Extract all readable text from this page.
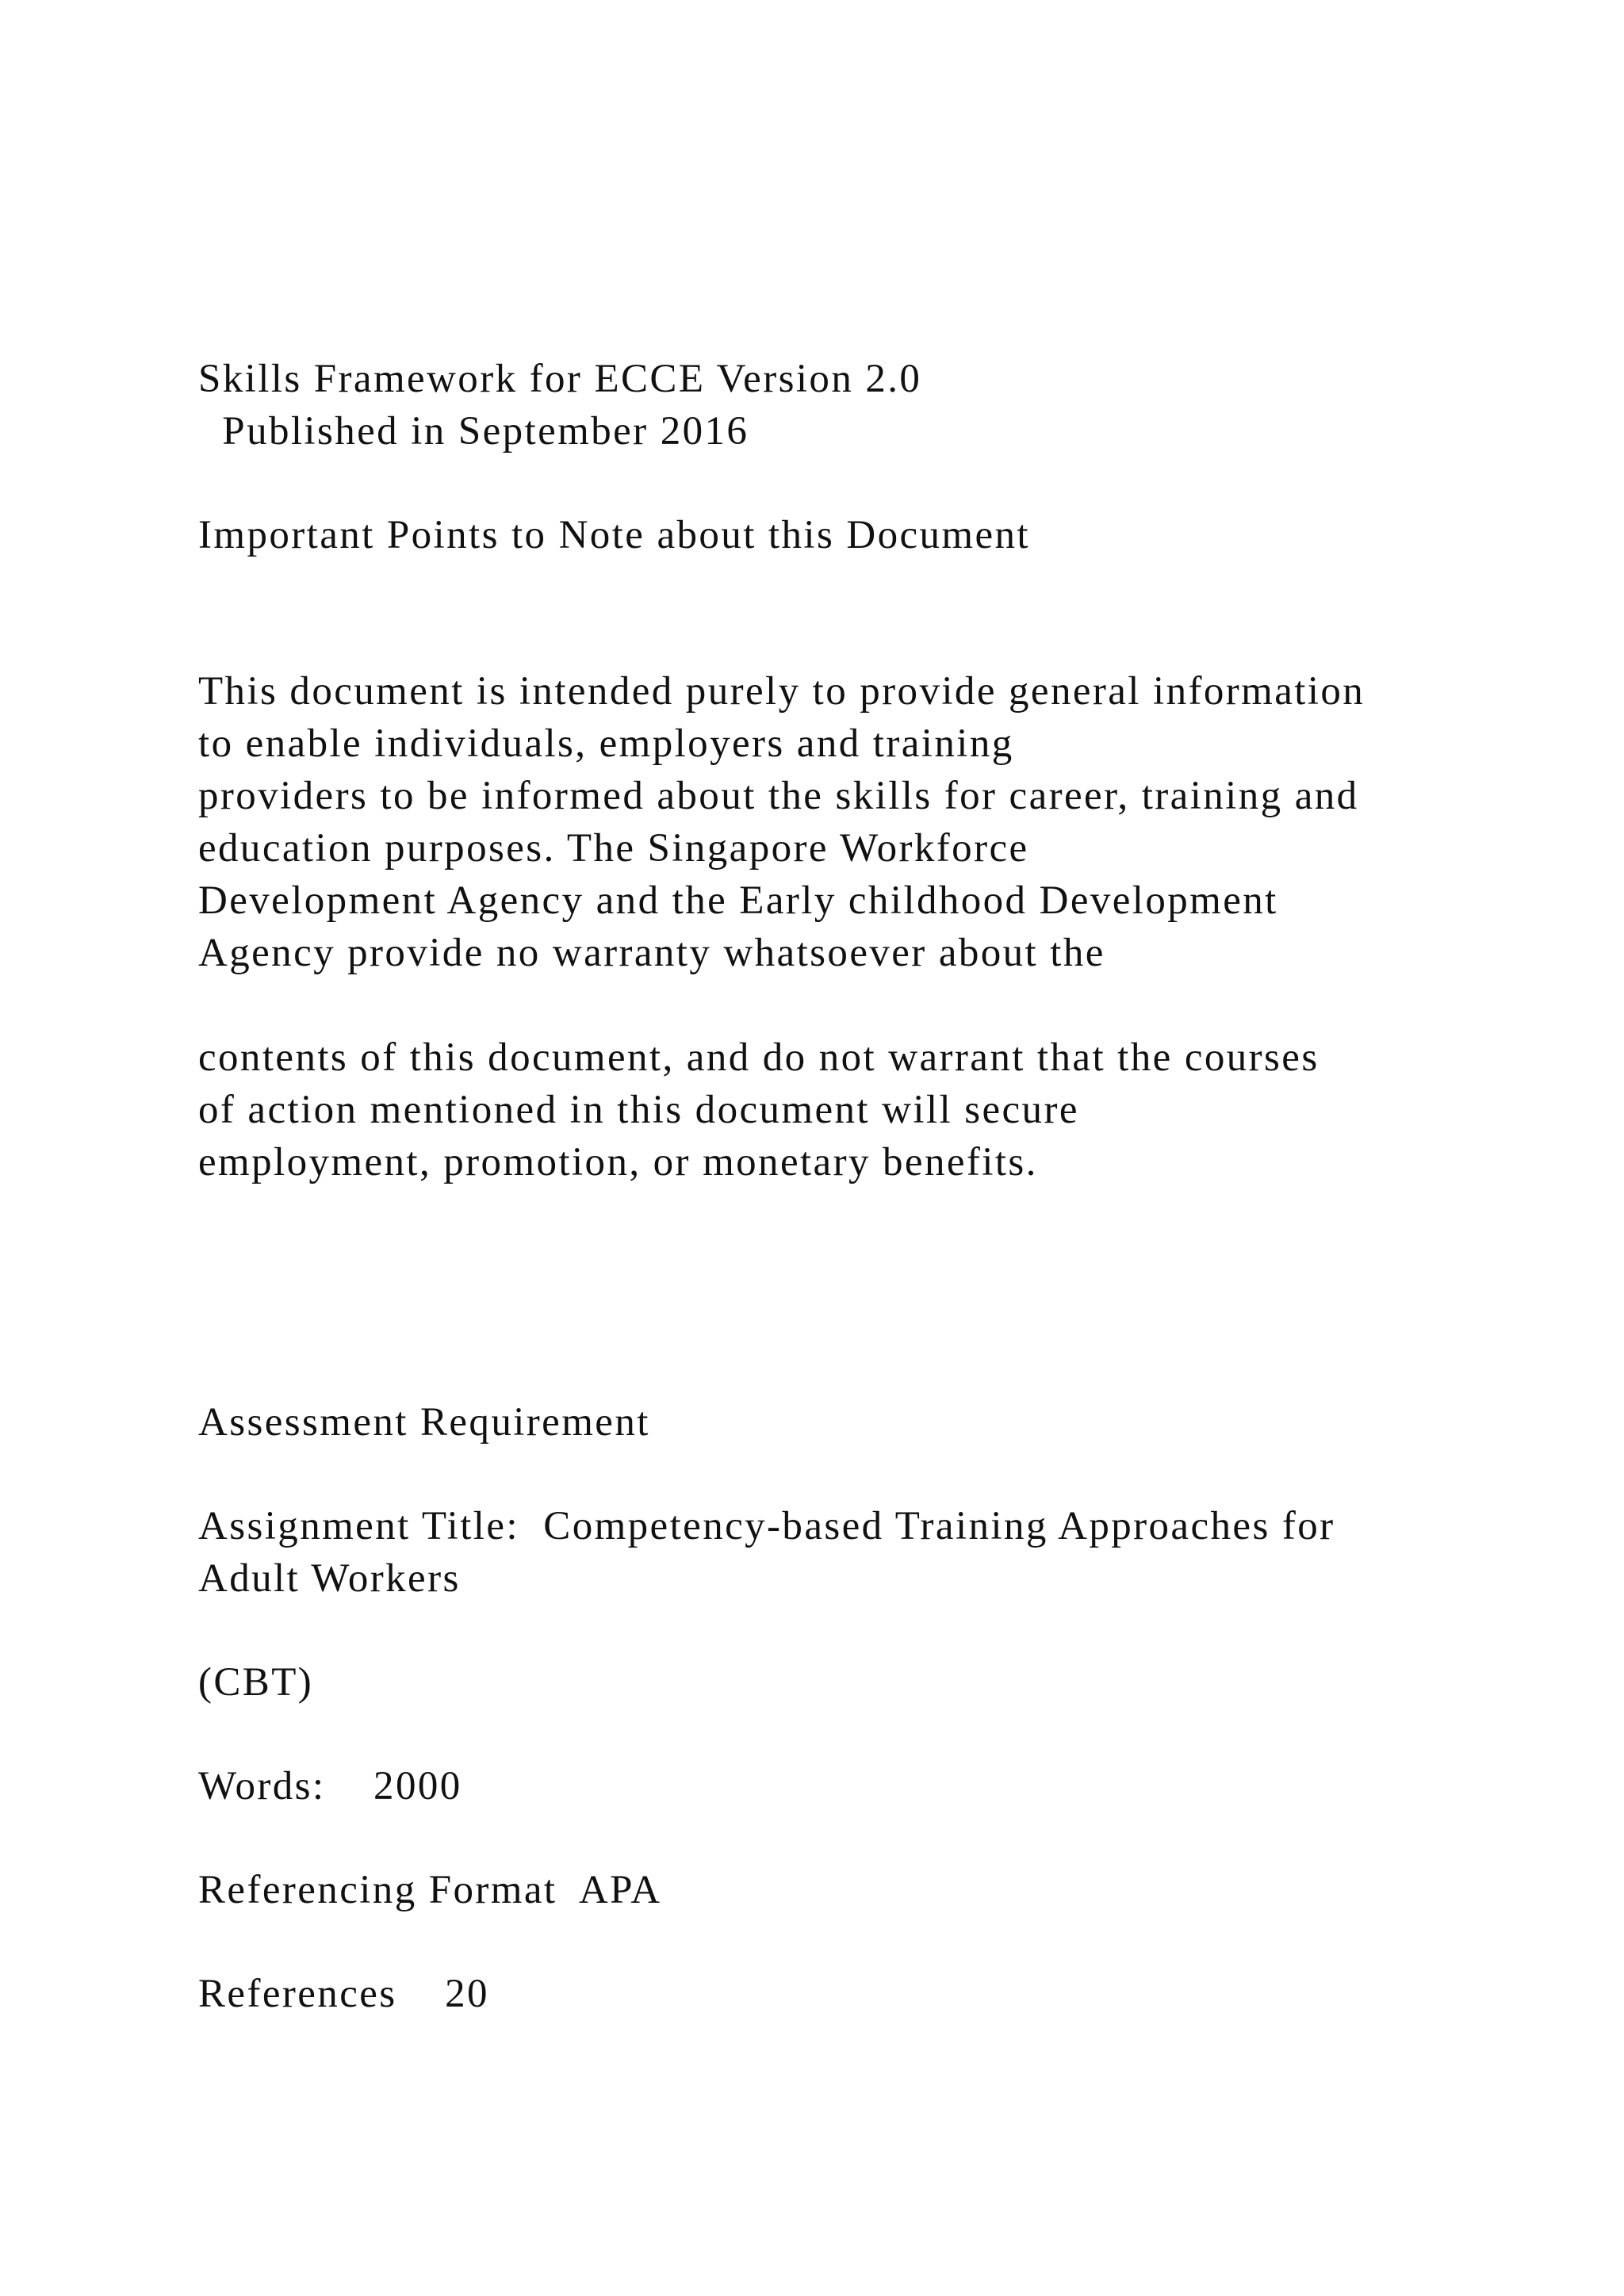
Skills Framework for ECCE Version 2.0

Published in September 2016

Important Points to Note about this Document

This document is intended purely to provide general information

to enable individuals, employers and training

providers to be informed about the skills for career, training and

education purposes. The Singapore Workforce

Development Agency and the Early childhood Development

Agency provide no warranty whatsoever about the

contents of this document, and do not warrant that the courses

of action mentioned in this document will secure

employment, promotion, or monetary benefits.

Assessment Requirement

Assignment Title:  Competency-based Training Approaches for

Adult Workers

(CBT)

Words:    2000

Referencing Format  APA

References    20
